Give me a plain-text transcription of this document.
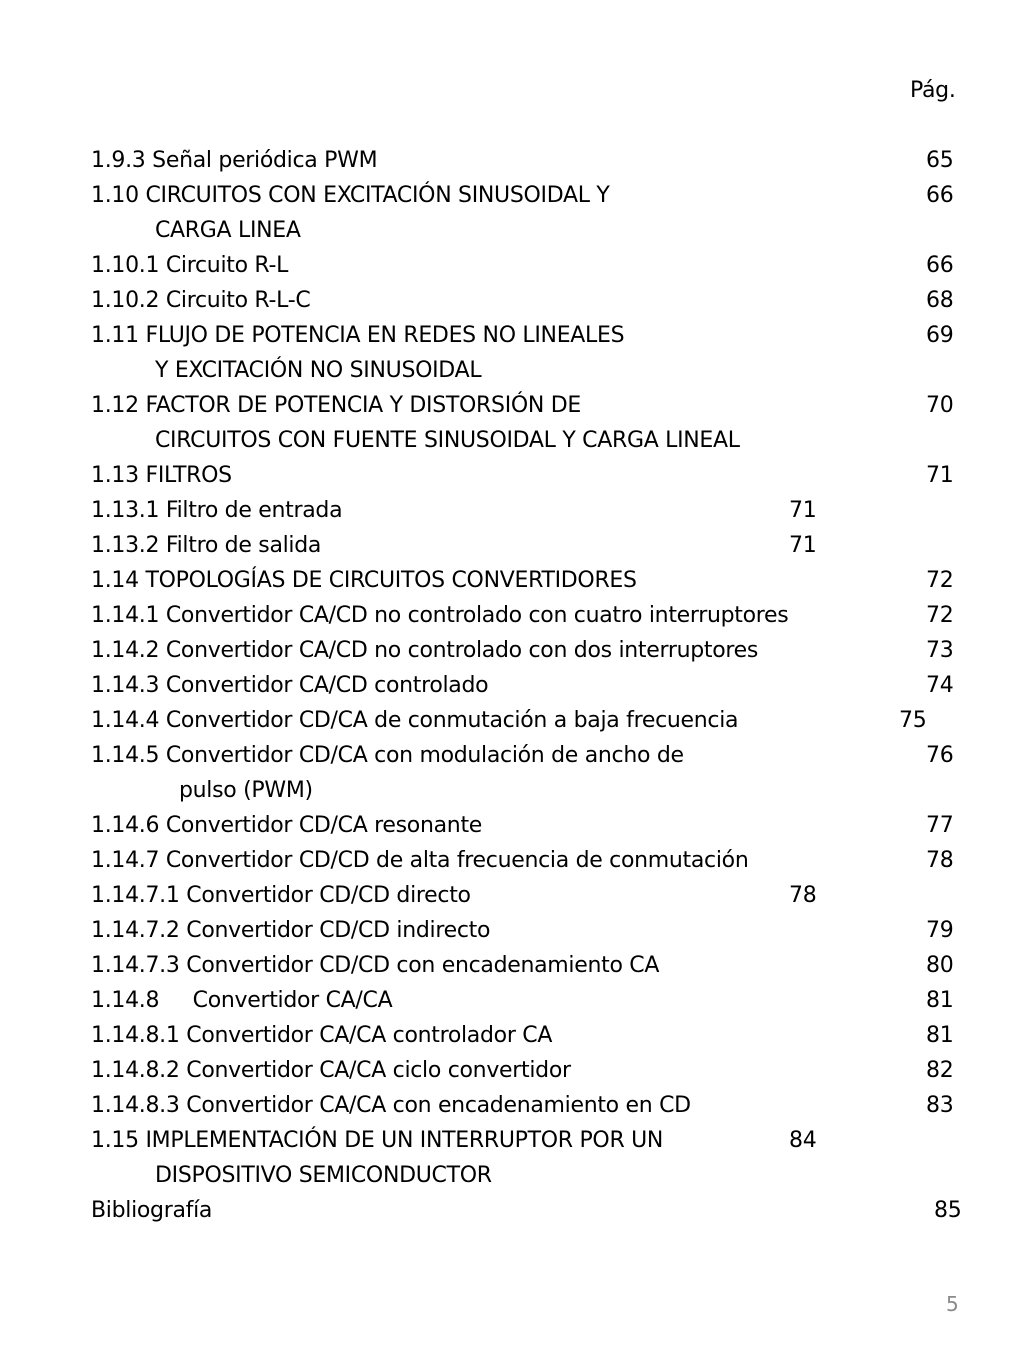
Pág.
1.9.3 Señal periódica PWM	65
1.10 CIRCUITOS CON EXCITACIÓN SINUSOIDAL Y	66
CARGA LINEA
1.10.1 Circuito R-L	66
1.10.2 Circuito R-L-C	68
1.11 FLUJO DE POTENCIA EN REDES NO LINEALES	69
Y EXCITACIÓN NO SINUSOIDAL
1.12 FACTOR DE POTENCIA Y DISTORSIÓN DE	70
CIRCUITOS CON FUENTE SINUSOIDAL Y CARGA LINEAL
1.13 FILTROS	71
1.13.1 Filtro de entrada	71
1.13.2 Filtro de salida	71
1.14 TOPOLOGÍAS DE CIRCUITOS CONVERTIDORES	72
1.14.1 Convertidor CA/CD no controlado con cuatro interruptores	72
1.14.2 Convertidor CA/CD no controlado con dos interruptores	73
1.14.3 Convertidor CA/CD controlado	74
1.14.4 Convertidor CD/CA de conmutación a baja frecuencia	75
1.14.5 Convertidor CD/CA con modulación de ancho de	76
pulso (PWM)
1.14.6 Convertidor CD/CA resonante	77
1.14.7 Convertidor CD/CD de alta frecuencia de conmutación	78
1.14.7.1 Convertidor CD/CD directo	78
1.14.7.2 Convertidor CD/CD indirecto	79
1.14.7.3 Convertidor CD/CD con encadenamiento CA	80
1.14.8     Convertidor CA/CA	81
1.14.8.1 Convertidor CA/CA controlador CA	81
1.14.8.2 Convertidor CA/CA ciclo convertidor	82
1.14.8.3 Convertidor CA/CA con encadenamiento en CD	83
1.15 IMPLEMENTACIÓN DE UN INTERRUPTOR POR UN	84
DISPOSITIVO SEMICONDUCTOR
Bibliografía	85
5
